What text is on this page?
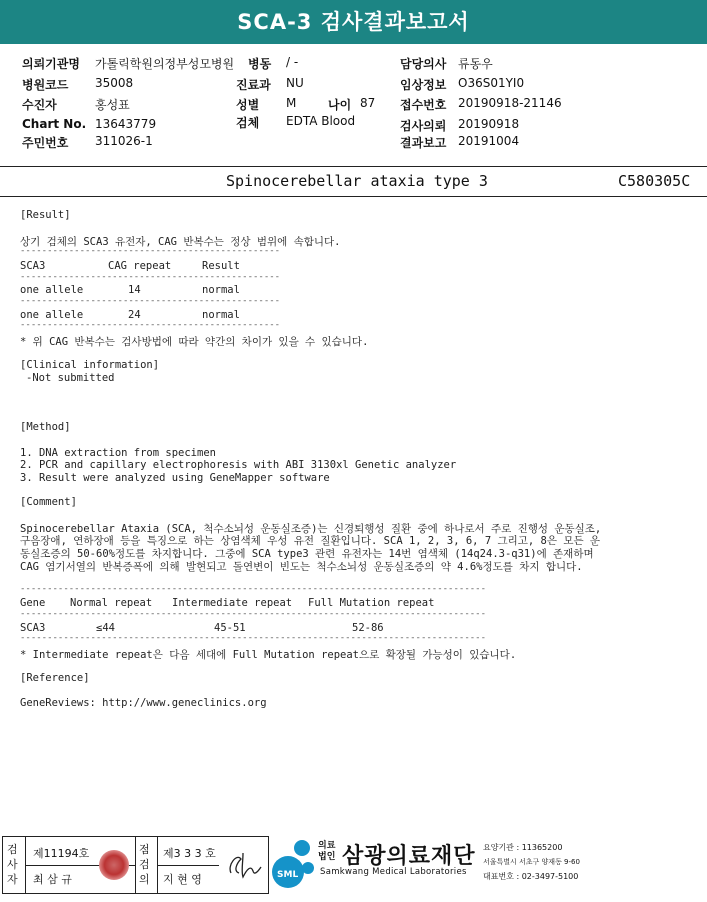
SCA-3 검사결과보고서
의뢰기관명 가톨릭학원의정부성모병원 병동 / -	담당의사 류동우
병원코드 35008	진료과 NU	임상정보 O36S01YI0
수진자	홍성표	성별 M	나이 87 접수번호 20190918-21146
Chart No. 13643779	검체 EDTA Blood	검사의뢰 20190918
주민번호 311026-1	결과보고 20191004
Spinocerebellar ataxia type 3	C580305C
[Result]
상기 검체의 SCA3 유전자, CAG 반복수는 정상 범위에 속합니다.
------------------------------------------------
SCA3	CAG repeat	Result
------------------------------------------------
one allele	14	normal
------------------------------------------------
one allele	24	normal
------------------------------------------------
* 위 CAG 반복수는 검사방법에 따라 약간의 차이가 있을 수 있습니다.
[Clinical information]
-Not submitted
[Method]
1. DNA extraction from specimen
2. PCR and capillary electrophoresis with ABI 3130xl Genetic analyzer
3. Result were analyzed using GeneMapper software
[Comment]
Spinocerebellar Ataxia (SCA, 척수소뇌성 운동실조증)는 신경퇴행성 질환 중에 하나로서 주로 진행성 운동실조,
구음장애, 연하장애 등을 특징으로 하는 상염색체 우성 유전 질환입니다. SCA 1, 2, 3, 6, 7 그리고, 8은 모든 운
동실조증의 50-60%정도를 차지합니다. 그중에 SCA type3 관련 유전자는 14번 염색체 (14q24.3-q31)에 존재하며
CAG 염기서열의 반복증폭에 의해 발현되고 돌연변이 빈도는 척수소뇌성 운동실조증의 약 4.6%정도를 차지 합니다.
--------------------------------------------------------------------------------------
Gene Normal repeat Intermediate repeat Full Mutation repeat
--------------------------------------------------------------------------------------
SCA3	≤44	45-51	52-86
--------------------------------------------------------------------------------------
* Intermediate repeat은 다음 세대에 Full Mutation repeat으로 확장될 가능성이 있습니다.
[Reference]
GeneReviews: http://www.geneclinics.org
검사자
제11194호
최 삼 규
점검의
제3 3 3 호
지 현 영	SML
의료
법인 삼광의료재단
Samkwang Medical Laboratories
요양기관 : 11365200
서울특별시 서초구 양재동 9-60
대표번호 : 02-3497-5100
